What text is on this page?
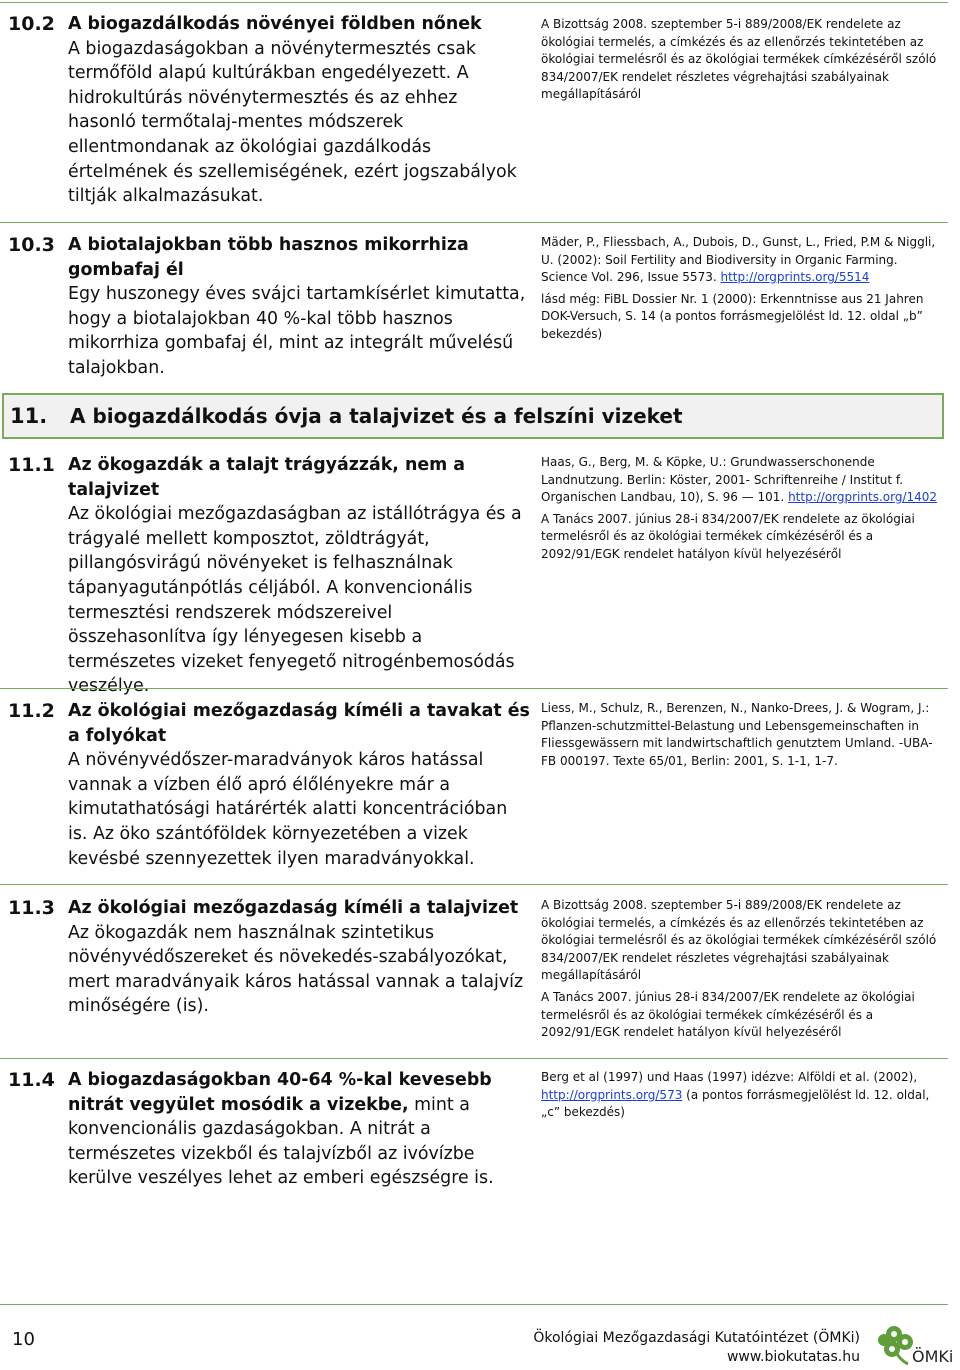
10.2 A biogazdálkodás növényei földben nőnek
A biogazdaságokban a növénytermesztés csak termőföld alapú kultúrákban engedélyezett. A hidrokultúrás növénytermesztés és az ehhez hasonló termőtalaj-mentes módszerek ellentmondanak az ökológiai gazdálkodás értelmének és szellemiségének, ezért jogszabályok tiltják alkalmazásukat.

A Bizottság 2008. szeptember 5-i 889/2008/EK rendelete az ökológiai termelés, a címkézés és az ellenőrzés tekintetében az ökológiai termelésről és az ökológiai termékek címkézéséről szóló 834/2007/EK rendelet részletes végrehajtási szabályainak megállapításáról

10.3 A biotalajokban több hasznos mikorrhiza gombafaj él
Egy huszonegy éves svájci tartamkísérlet kimutatta, hogy a biotalajokban 40 %-kal több hasznos mikorrhiza gombafaj él, mint az integrált művelésű talajokban.

Mäder, P., Fliessbach, A., Dubois, D., Gunst, L., Fried, P.M & Niggli, U. (2002): Soil Fertility and Biodiversity in Organic Farming. Science Vol. 296, Issue 5573. http://orgprints.org/5514

lásd még: FiBL Dossier Nr. 1 (2000): Erkenntnisse aus 21 Jahren DOK-Versuch, S. 14 (a pontos forrásmegjelölést ld. 12. oldal „b” bekezdés)

11. A biogazdálkodás óvja a talajvizet és a felszíni vizeket
11.1 Az ökogazdák a talajt trágyázzák, nem a talajvizet
Az ökológiai mezőgazdaságban az istállótrágya és a trágyalé mellett komposztot, zöldtrágyát, pillangósvirágú növényeket is felhasználnak tápanyagutánpótlás céljából. A konvencionális termesztési rendszerek módszereivel összehasonlítva így lényegesen kisebb a természetes vizeket fenyegető nitrogénbemosódás veszélye.

Haas, G., Berg, M. & Köpke, U.: Grundwasserschonende Landnutzung. Berlin: Köster, 2001- Schriftenreihe / Institut f. Organischen Landbau, 10), S. 96 — 101. http://orgprints.org/1402

A Tanács 2007. június 28-i 834/2007/EK rendelete az ökológiai termelésről és az ökológiai termékek címkézéséről és a 2092/91/EGK rendelet hatályon kívül helyezéséről

11.2 Az ökológiai mezőgazdaság kíméli a tavakat és a folyókat
A növényvédőszer-maradványok káros hatással vannak a vízben élő apró élőlényekre már a kimutathatósági határérték alatti koncentrációban is. Az öko szántóföldek környezetében a vizek kevésbé szennyezettek ilyen maradványokkal.

Liess, M., Schulz, R., Berenzen, N., Nanko-Drees, J. & Wogram, J.: Pflanzen-schutzmittel-Belastung und Lebensgemeinschaften in Fliessgewässern mit landwirtschaftlich genutztem Umland. -UBA-FB 000197. Texte 65/01, Berlin: 2001, S. 1-1, 1-7.

11.3 Az ökológiai mezőgazdaság kíméli a talajvizet
Az ökogazdák nem használnak szintetikus növényvédőszereket és növekedés-szabályozókat, mert maradványaik káros hatással vannak a talajvíz minőségére (is).

A Bizottság 2008. szeptember 5-i 889/2008/EK rendelete az ökológiai termelés, a címkézés és az ellenőrzés tekintetében az ökológiai termelésről és az ökológiai termékek címkézéséről szóló 834/2007/EK rendelet részletes végrehajtási szabályainak megállapításáról

A Tanács 2007. június 28-i 834/2007/EK rendelete az ökológiai termelésről és az ökológiai termékek címkézéséről és a 2092/91/EGK rendelet hatályon kívül helyezéséről

11.4 A biogazdaságokban 40-64 %-kal kevesebb nitrát vegyület mosódik a vizekbe, mint a konvencionális gazdaságokban. A nitrát a természetes vizekből és talajvízből az ivóvízbe kerülve veszélyes lehet az emberi egészségre is.

Berg et al (1997) und Haas (1997) idézve: Alföldi et al. (2002), http://orgprints.org/573 (a pontos forrásmegjelölést ld. 12. oldal, „c” bekezdés)

10	Ökológiai Mezőgazdasági Kutatóintézet (ÖMKi)
www.biokutatas.hu	ÖMKi
